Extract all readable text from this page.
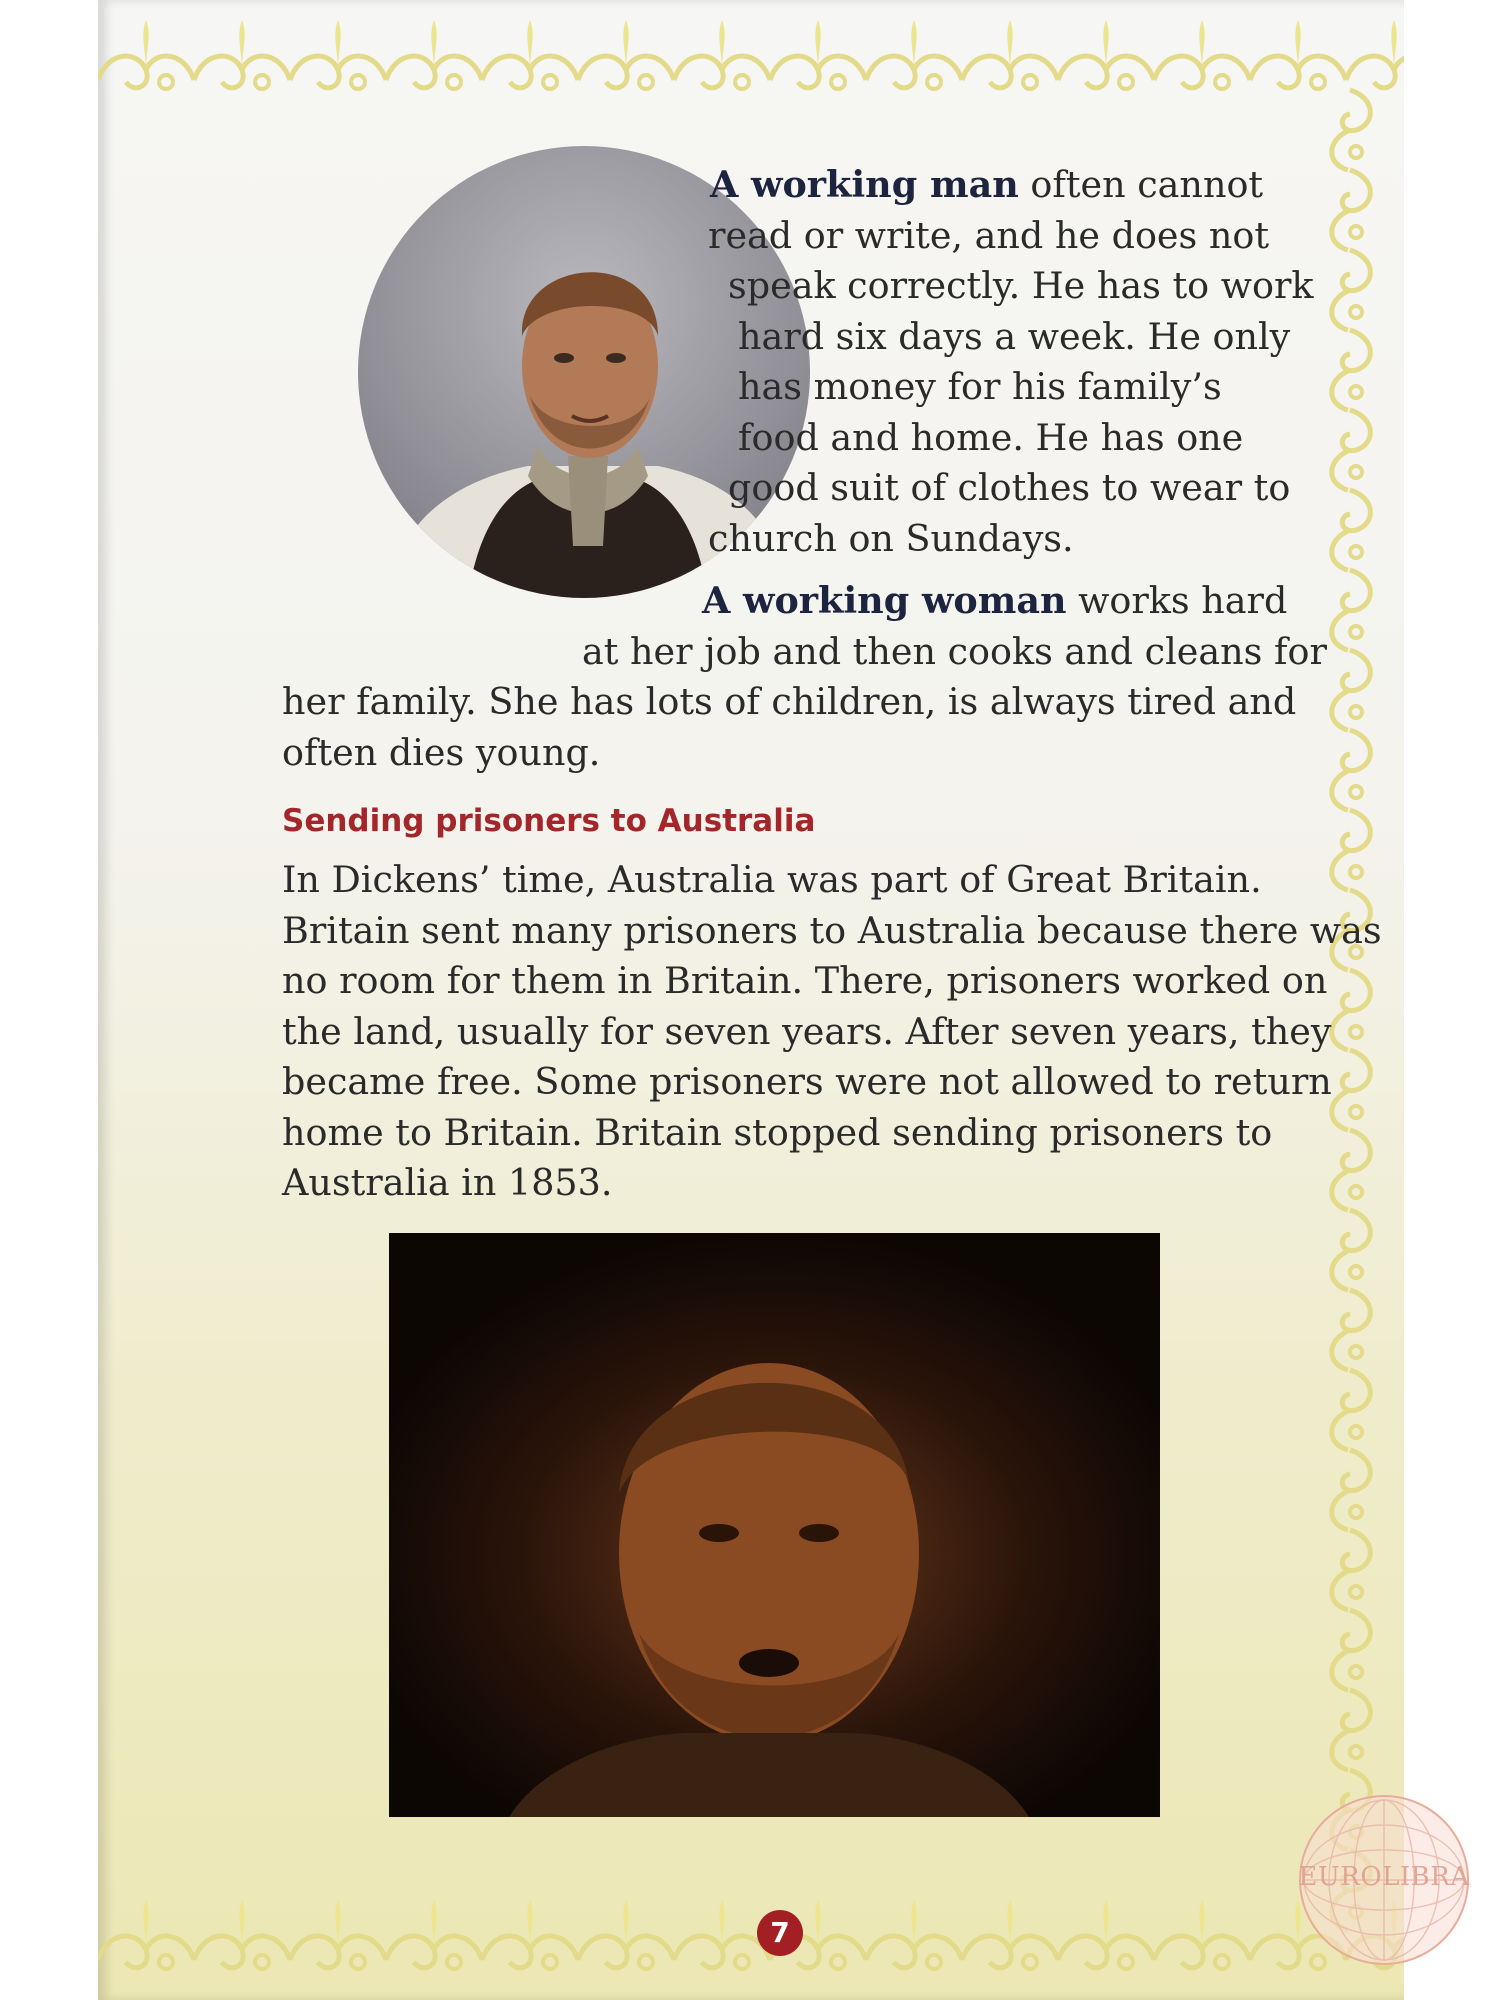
A working man often cannot
read or write, and he does not
speak correctly. He has to work
hard six days a week. He only
has money for his family’s
food and home. He has one
good suit of clothes to wear to
church on Sundays.

A working woman works hard
at her job and then cooks and cleans for
her family. She has lots of children, is always tired and
often dies young.

Sending prisoners to Australia

In Dickens’ time, Australia was part of Great Britain.
Britain sent many prisoners to Australia because there was
no room for them in Britain. There, prisoners worked on
the land, usually for seven years. After seven years, they
became free. Some prisoners were not allowed to return
home to Britain. Britain stopped sending prisoners to
Australia in 1853.

7
EUROLIBRA
